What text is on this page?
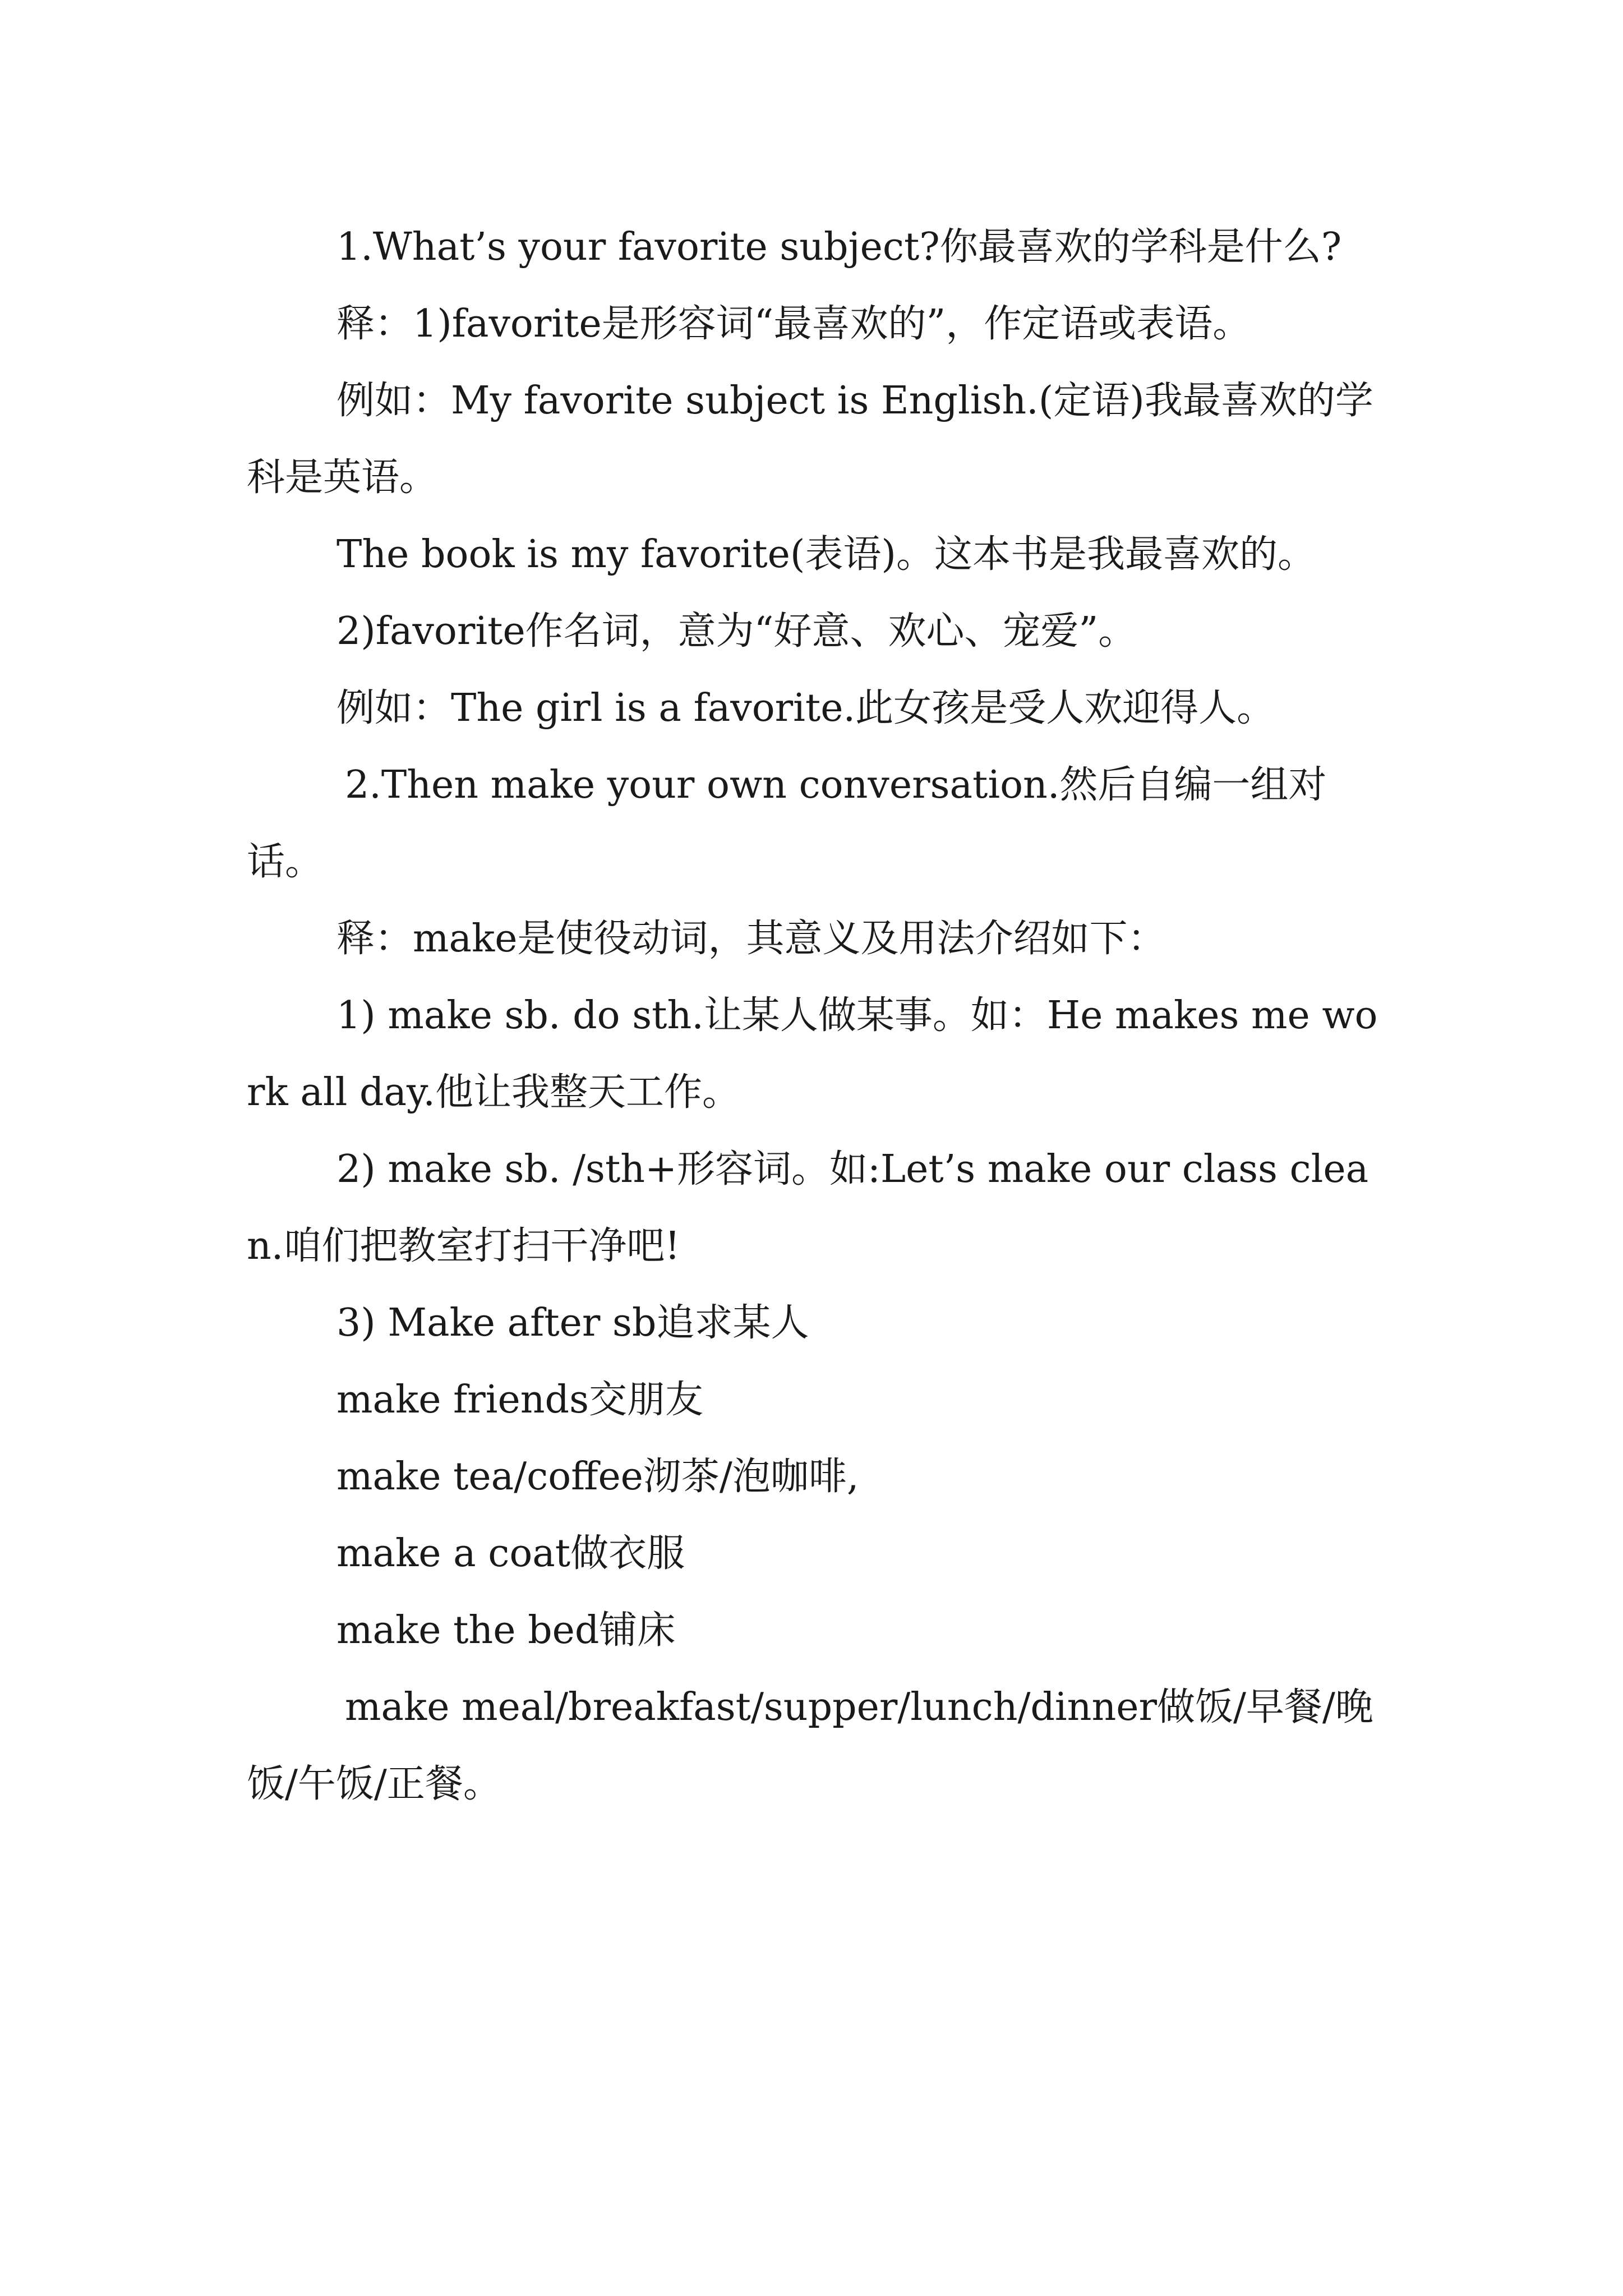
1.What’s your favorite subject?你最喜欢的学科是什么?

释：1)favorite是形容词“最喜欢的”，作定语或表语。

例如：My favorite subject is English.(定语)我最喜欢的学科是英语。

The book is my favorite(表语)。这本书是我最喜欢的。

2)favorite作名词，意为“好意、欢心、宠爱”。

例如：The girl is a favorite.此女孩是受人欢迎得人。

2.Then make your own conversation.然后自编一组对话。

释：make是使役动词，其意义及用法介绍如下：

1) make sb. do sth.让某人做某事。如：He makes me work all day.他让我整天工作。

2) make sb. /sth+形容词。如:Let’s make our class clean.咱们把教室打扫干净吧!

3) Make after sb追求某人

make friends交朋友

make tea/coffee沏茶/泡咖啡,

make a coat做衣服

make the bed铺床

make meal/breakfast/supper/lunch/dinner做饭/早餐/晚饭/午饭/正餐。
